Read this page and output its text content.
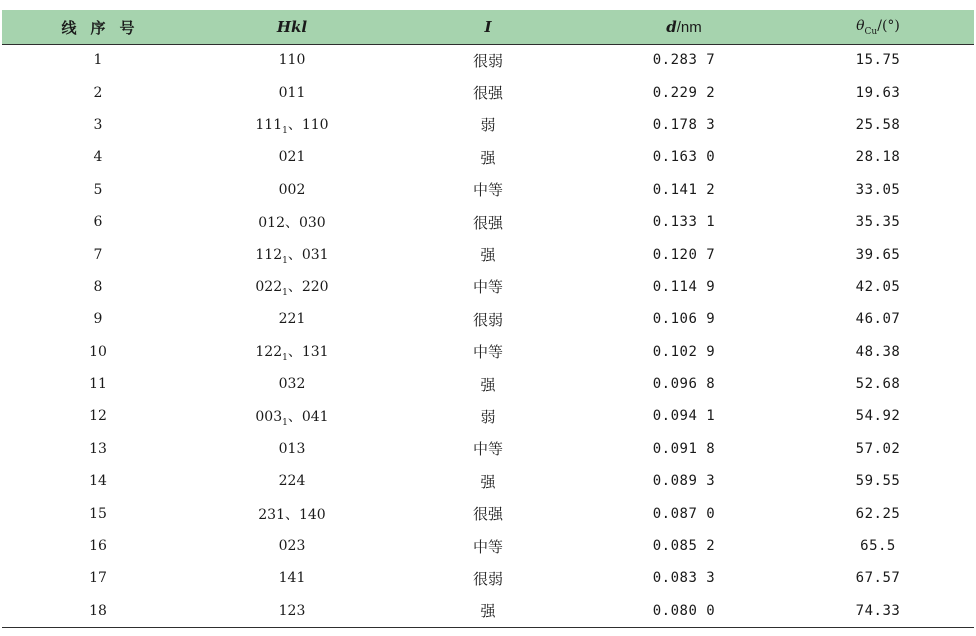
线序号	Hkl	I	d/nm	$\theta_{Cu}/(^\circ)$
1	110	很弱	0.283 7	15.75
2	011	很强	0.229 2	19.63
3	$111_1$、110	弱	0.178 3	25.58
4	021	强	0.163 0	28.18
5	002	中等	0.141 2	33.05
6	012、030	很强	0.133 1	35.35
7	$112_1$、031	强	0.120 7	39.65
8	$022_1$、220	中等	0.114 9	42.05
9	221	很弱	0.106 9	46.07
10	$122_1$、131	中等	0.102 9	48.38
11	032	强	0.096 8	52.68
12	$003_1$、041	弱	0.094 1	54.92
13	013	中等	0.091 8	57.02
14	224	强	0.089 3	59.55
15	231、140	很强	0.087 0	62.25
16	023	中等	0.085 2	65.5
17	141	很弱	0.083 3	67.57
18	123	强	0.080 0	74.33
